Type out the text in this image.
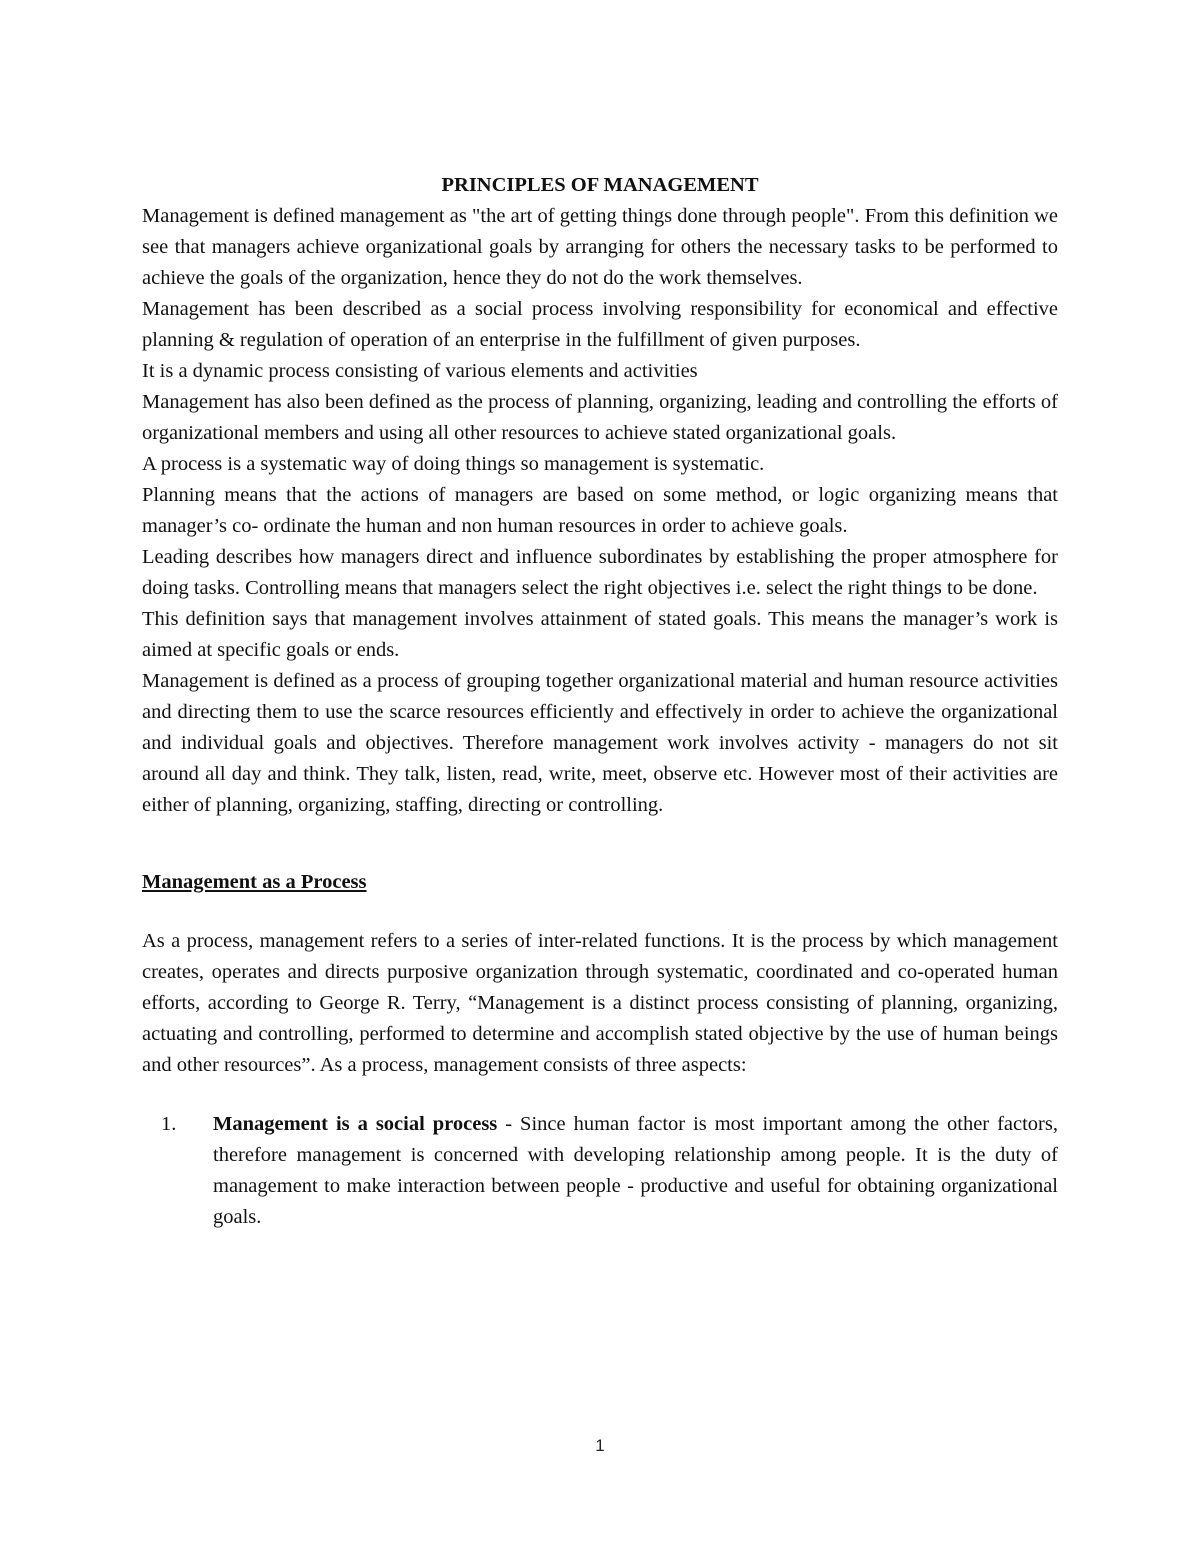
PRINCIPLES OF MANAGEMENT

Management is defined management as "the art of getting things done through people". From this definition we see that managers achieve organizational goals by arranging for others the necessary tasks to be performed to achieve the goals of the organization, hence they do not do the work themselves.

Management has been described as a social process involving responsibility for economical and effective planning & regulation of operation of an enterprise in the fulfillment of given purposes.

It is a dynamic process consisting of various elements and activities

Management has also been defined as the process of planning, organizing, leading and controlling the efforts of organizational members and using all other resources to achieve stated organizational goals.

A process is a systematic way of doing things so management is systematic.

Planning means that the actions of managers are based on some method, or logic organizing means that manager’s co- ordinate the human and non human resources in order to achieve goals.

Leading describes how managers direct and influence subordinates by establishing the proper atmosphere for doing tasks. Controlling means that managers select the right objectives i.e. select the right things to be done.

This definition says that management involves attainment of stated goals. This means the manager’s work is aimed at specific goals or ends.

Management is defined as a process of grouping together organizational material and human resource activities and directing them to use the scarce resources efficiently and effectively in order to achieve the organizational and individual goals and objectives. Therefore management work involves activity - managers do not sit around all day and think. They talk, listen, read, write, meet, observe etc. However most of their activities are either of planning, organizing, staffing, directing or controlling.

Management as a Process

As a process, management refers to a series of inter-related functions. It is the process by which management creates, operates and directs purposive organization through systematic, coordinated and co-operated human efforts, according to George R. Terry, “Management is a distinct process consisting of planning, organizing, actuating and controlling, performed to determine and accomplish stated objective by the use of human beings and other resources”. As a process, management consists of three aspects:

1. Management is a social process - Since human factor is most important among the other factors, therefore management is concerned with developing relationship among people. It is the duty of management to make interaction between people - productive and useful for obtaining organizational goals.
1
